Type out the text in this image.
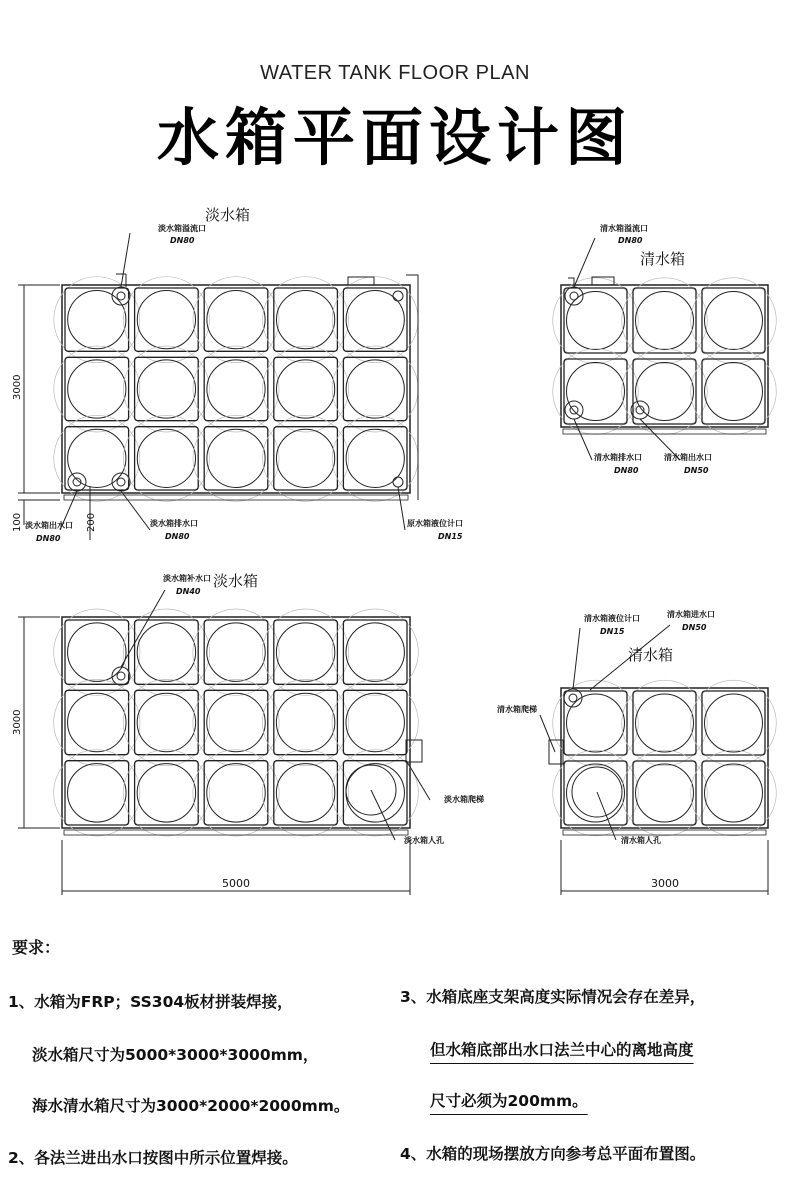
WATER TANK FLOOR PLAN
水箱平面设计图
淡水箱
淡水箱溢流口
DN80
淡水箱出水口
DN80
淡水箱排水口
DN80
原水箱液位计口
DN15
3000
100	200
清水箱
清水箱溢流口
DN80
清水箱排水口
DN80
清水箱出水口
DN50
淡水箱
淡水箱补水口
DN40
淡水箱爬梯
淡水箱人孔
3000
5000
清水箱
清水箱液位计口
DN15
清水箱进水口
DN50
清水箱爬梯
清水箱人孔
3000
要求：
1、水箱为FRP；SS304板材拼装焊接，
淡水箱尺寸为5000*3000*3000mm，
海水清水箱尺寸为3000*2000*2000mm。
2、各法兰进出水口按图中所示位置焊接。
3、水箱底座支架高度实际情况会存在差异，
但水箱底部出水口法兰中心的离地高度
尺寸必须为200mm。
4、水箱的现场摆放方向参考总平面布置图。
